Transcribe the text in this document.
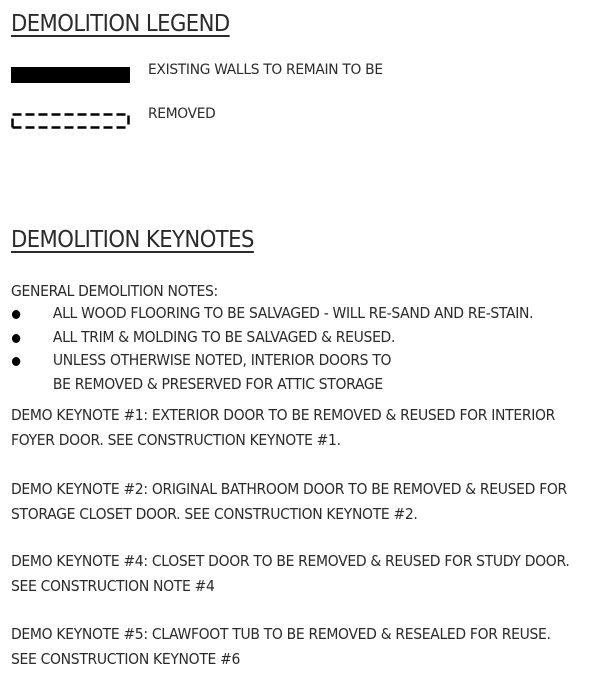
DEMOLITION LEGEND
EXISTING WALLS TO REMAIN TO BE
REMOVED
DEMOLITION KEYNOTES
GENERAL DEMOLITION NOTES:
ALL WOOD FLOORING TO BE SALVAGED - WILL RE-SAND AND RE-STAIN.
ALL TRIM & MOLDING TO BE SALVAGED & REUSED.
UNLESS OTHERWISE NOTED, INTERIOR DOORS TO
BE REMOVED & PRESERVED FOR ATTIC STORAGE
DEMO KEYNOTE #1: EXTERIOR DOOR TO BE REMOVED & REUSED FOR INTERIOR
FOYER DOOR. SEE CONSTRUCTION KEYNOTE #1.
DEMO KEYNOTE #2: ORIGINAL BATHROOM DOOR TO BE REMOVED & REUSED FOR
STORAGE CLOSET DOOR. SEE CONSTRUCTION KEYNOTE #2.
DEMO KEYNOTE #4: CLOSET DOOR TO BE REMOVED & REUSED FOR STUDY DOOR.
SEE CONSTRUCTION NOTE #4
DEMO KEYNOTE #5: CLAWFOOT TUB TO BE REMOVED & RESEALED FOR REUSE.
SEE CONSTRUCTION KEYNOTE #6
